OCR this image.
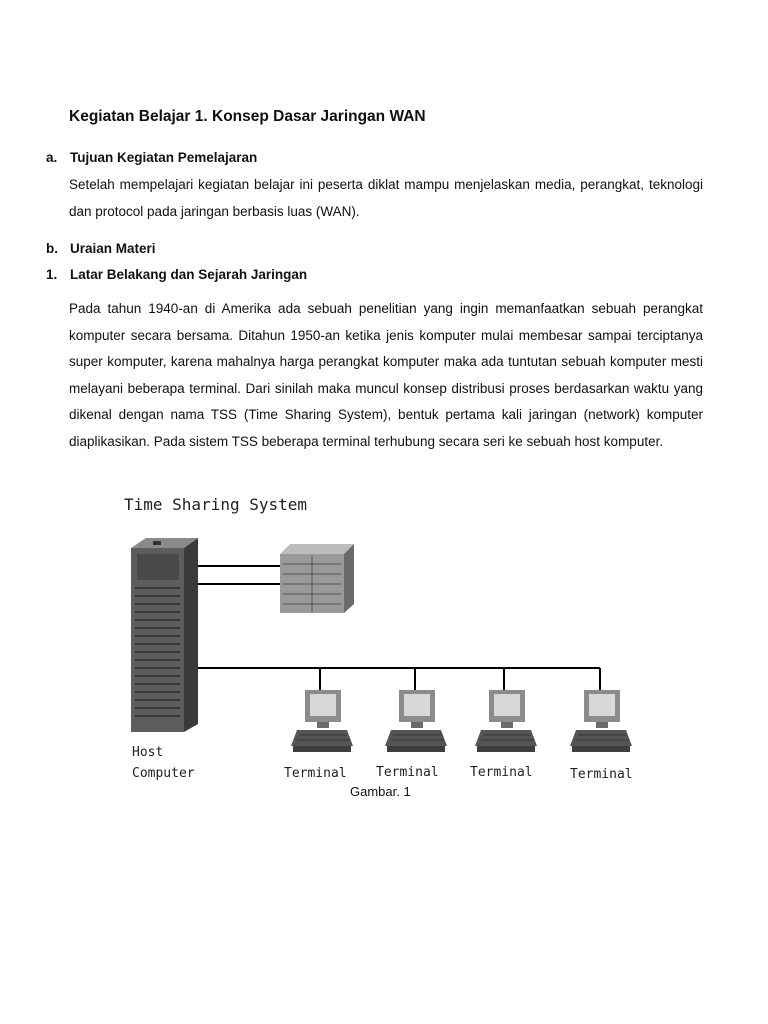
Kegiatan Belajar 1. Konsep Dasar Jaringan WAN
a. Tujuan Kegiatan Pemelajaran

Setelah mempelajari kegiatan belajar ini peserta diklat mampu menjelaskan media, perangkat, teknologi dan protocol pada jaringan berbasis luas (WAN).

b. Uraian Materi
1. Latar Belakang dan Sejarah Jaringan

Pada tahun 1940-an di Amerika ada sebuah penelitian yang ingin memanfaatkan sebuah perangkat komputer secara bersama. Ditahun 1950-an ketika jenis komputer mulai membesar sampai terciptanya super komputer, karena mahalnya harga perangkat komputer maka ada tuntutan sebuah komputer mesti melayani beberapa terminal. Dari sinilah maka muncul konsep distribusi proses berdasarkan waktu yang dikenal dengan nama TSS (Time Sharing System), bentuk pertama kali jaringan (network) komputer diaplikasikan. Pada sistem TSS beberapa terminal terhubung secara seri ke sebuah host komputer.

Time Sharing System
Host
Computer	Terminal Terminal Terminal	Terminal
Gambar. 1
